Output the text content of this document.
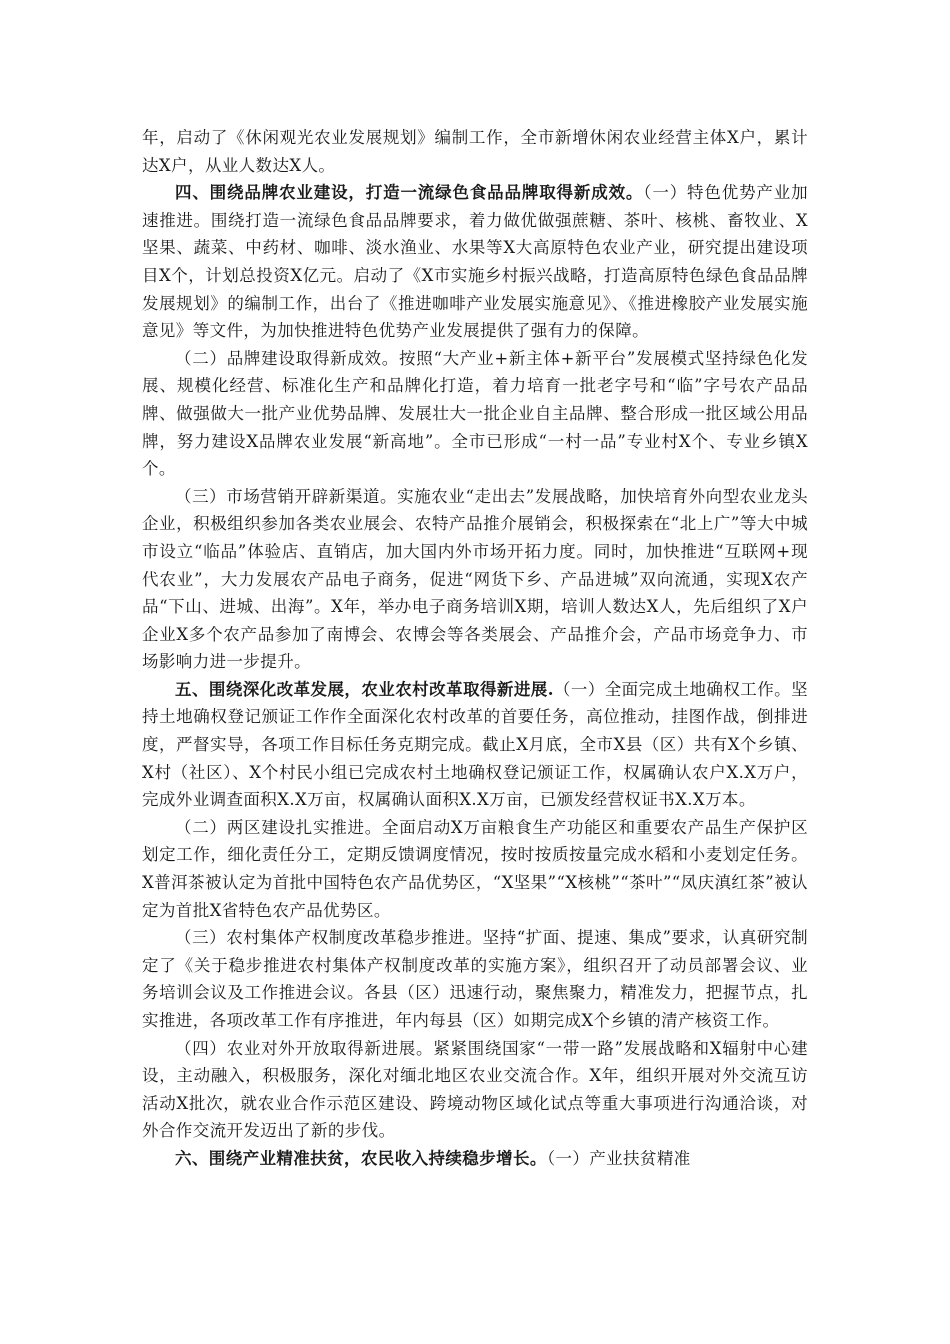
年，启动了《休闲观光农业发展规划》编制工作，全市新增休闲农业经营主体X户，累计达X户，从业人数达X人。

四、围绕品牌农业建设，打造一流绿色食品品牌取得新成效。（一）特色优势产业加速推进。围绕打造一流绿色食品品牌要求，着力做优做强蔗糖、茶叶、核桃、畜牧业、X坚果、蔬菜、中药材、咖啡、淡水渔业、水果等X大高原特色农业产业，研究提出建设项目X个，计划总投资X亿元。启动了《X市实施乡村振兴战略，打造高原特色绿色食品品牌发展规划》的编制工作，出台了《推进咖啡产业发展实施意见》、《推进橡胶产业发展实施意见》等文件，为加快推进特色优势产业发展提供了强有力的保障。

（二）品牌建设取得新成效。按照“大产业+新主体+新平台”发展模式坚持绿色化发展、规模化经营、标准化生产和品牌化打造，着力培育一批老字号和“临”字号农产品品牌、做强做大一批产业优势品牌、发展壮大一批企业自主品牌、整合形成一批区域公用品牌，努力建设X品牌农业发展“新高地”。全市已形成“一村一品”专业村X个、专业乡镇X个。

（三）市场营销开辟新渠道。实施农业“走出去”发展战略，加快培育外向型农业龙头企业，积极组织参加各类农业展会、农特产品推介展销会，积极探索在“北上广”等大中城市设立“临品”体验店、直销店，加大国内外市场开拓力度。同时，加快推进“互联网+现代农业”，大力发展农产品电子商务，促进“网货下乡、产品进城”双向流通，实现X农产品“下山、进城、出海”。X年，举办电子商务培训X期，培训人数达X人，先后组织了X户企业X多个农产品参加了南博会、农博会等各类展会、产品推介会，产品市场竞争力、市场影响力进一步提升。

五、围绕深化改革发展，农业农村改革取得新进展.（一）全面完成土地确权工作。坚持土地确权登记颁证工作作全面深化农村改革的首要任务，高位推动，挂图作战，倒排进度，严督实导，各项工作目标任务克期完成。截止X月底，全市X县（区）共有X个乡镇、X村（社区）、X个村民小组已完成农村土地确权登记颁证工作，权属确认农户X.X万户，完成外业调查面积X.X万亩，权属确认面积X.X万亩，已颁发经营权证书X.X万本。

（二）两区建设扎实推进。全面启动X万亩粮食生产功能区和重要农产品生产保护区划定工作，细化责任分工，定期反馈调度情况，按时按质按量完成水稻和小麦划定任务。X普洱茶被认定为首批中国特色农产品优势区，“X坚果”“X核桃”“茶叶”“凤庆滇红茶”被认定为首批X省特色农产品优势区。

（三）农村集体产权制度改革稳步推进。坚持“扩面、提速、集成”要求，认真研究制定了《关于稳步推进农村集体产权制度改革的实施方案》，组织召开了动员部署会议、业务培训会议及工作推进会议。各县（区）迅速行动，聚焦聚力，精准发力，把握节点，扎实推进，各项改革工作有序推进，年内每县（区）如期完成X个乡镇的清产核资工作。

（四）农业对外开放取得新进展。紧紧围绕国家“一带一路”发展战略和X辐射中心建设，主动融入，积极服务，深化对缅北地区农业交流合作。X年，组织开展对外交流互访活动X批次，就农业合作示范区建设、跨境动物区域化试点等重大事项进行沟通洽谈，对外合作交流开发迈出了新的步伐。

六、围绕产业精准扶贫，农民收入持续稳步增长。（一）产业扶贫精准
